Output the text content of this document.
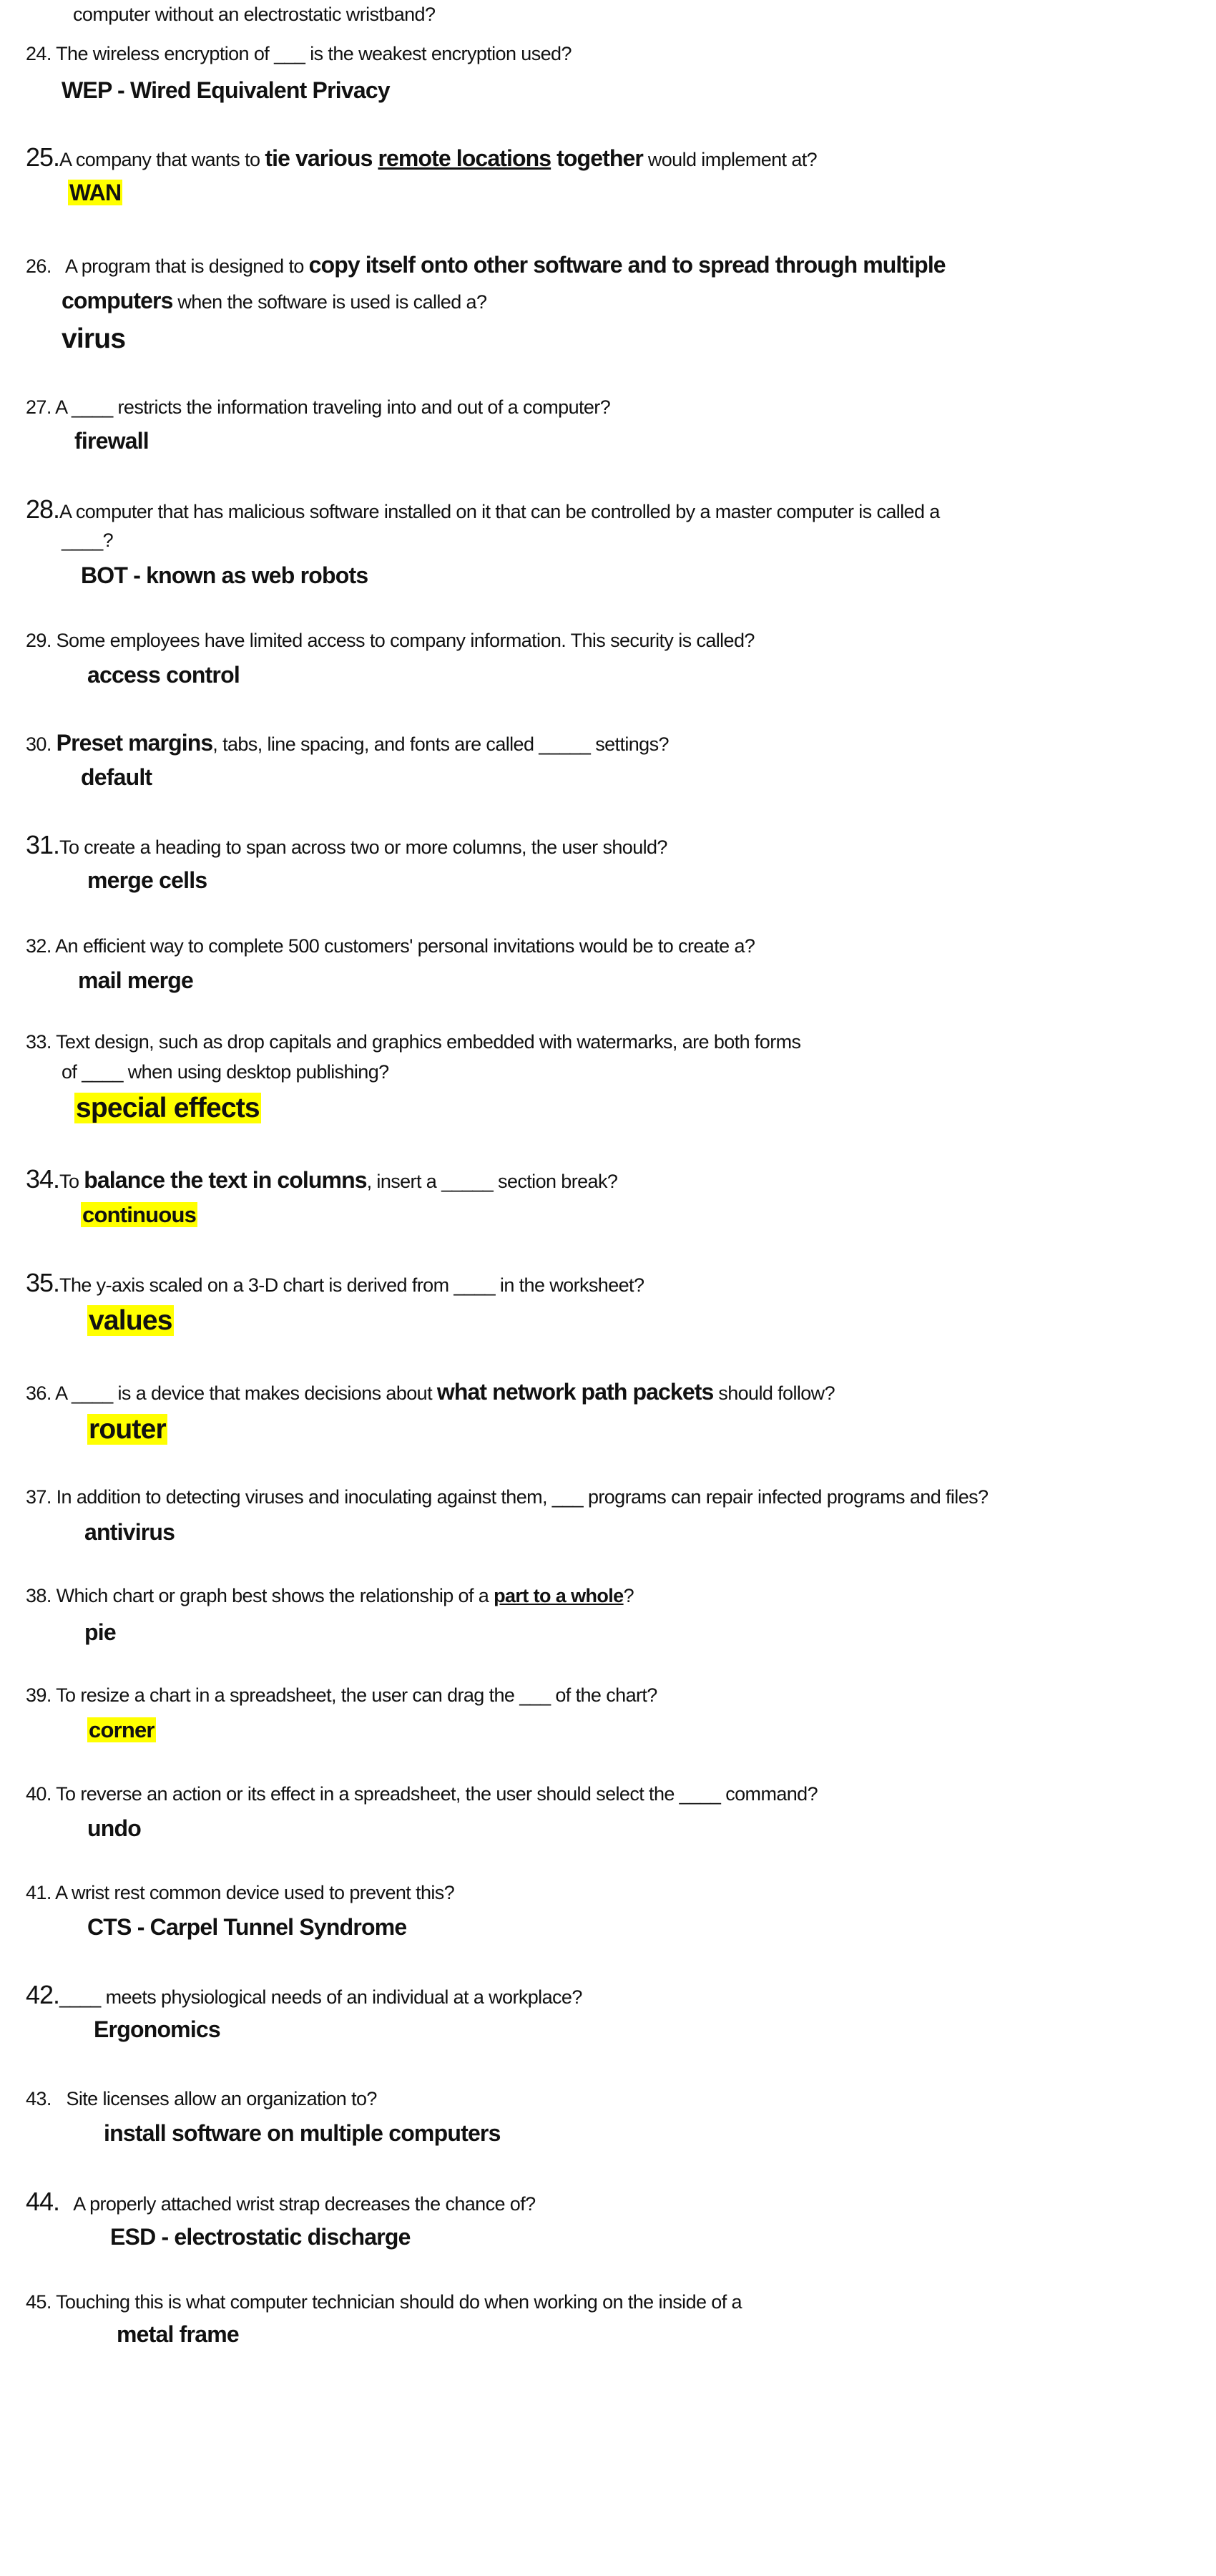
24. The wireless encryption of ___ is the weakest encryption used?
WEP - Wired Equivalent Privacy
25.A company that wants to tie various remote locations together would implement at?
WAN
26.   A program that is designed to copy itself onto other software and to spread through multiple
computers when the software is used is called a?
virus
27. A ____ restricts the information traveling into and out of a computer?
firewall
28.A computer that has malicious software installed on it that can be controlled by a master computer is called a
____?
BOT - known as web robots
29. Some employees have limited access to company information. This security is called?
access control
30. Preset margins, tabs, line spacing, and fonts are called _____ settings?
default
31.To create a heading to span across two or more columns, the user should?
merge cells
32. An efficient way to complete 500 customers' personal invitations would be to create a?
mail merge
33. Text design, such as drop capitals and graphics embedded with watermarks, are both forms
of ____ when using desktop publishing?
special effects
34.To balance the text in columns, insert a _____ section break?
continuous
35.The y-axis scaled on a 3-D chart is derived from ____ in the worksheet?
values
36. A ____ is a device that makes decisions about what network path packets should follow?
router
37. In addition to detecting viruses and inoculating against them, ___ programs can repair infected programs and files?
antivirus
38. Which chart or graph best shows the relationship of a part to a whole?
pie
39. To resize a chart in a spreadsheet, the user can drag the ___ of the chart?
corner
40. To reverse an action or its effect in a spreadsheet, the user should select the ____ command?
undo
41. A wrist rest common device used to prevent this?
CTS - Carpel Tunnel Syndrome
42.____ meets physiological needs of an individual at a workplace?
Ergonomics
43.   Site licenses allow an organization to?
install software on multiple computers
44.   A properly attached wrist strap decreases the chance of?
ESD - electrostatic discharge
45. Touching this is what computer technician should do when working on the inside of a
computer without an electrostatic wristband?
metal frame
